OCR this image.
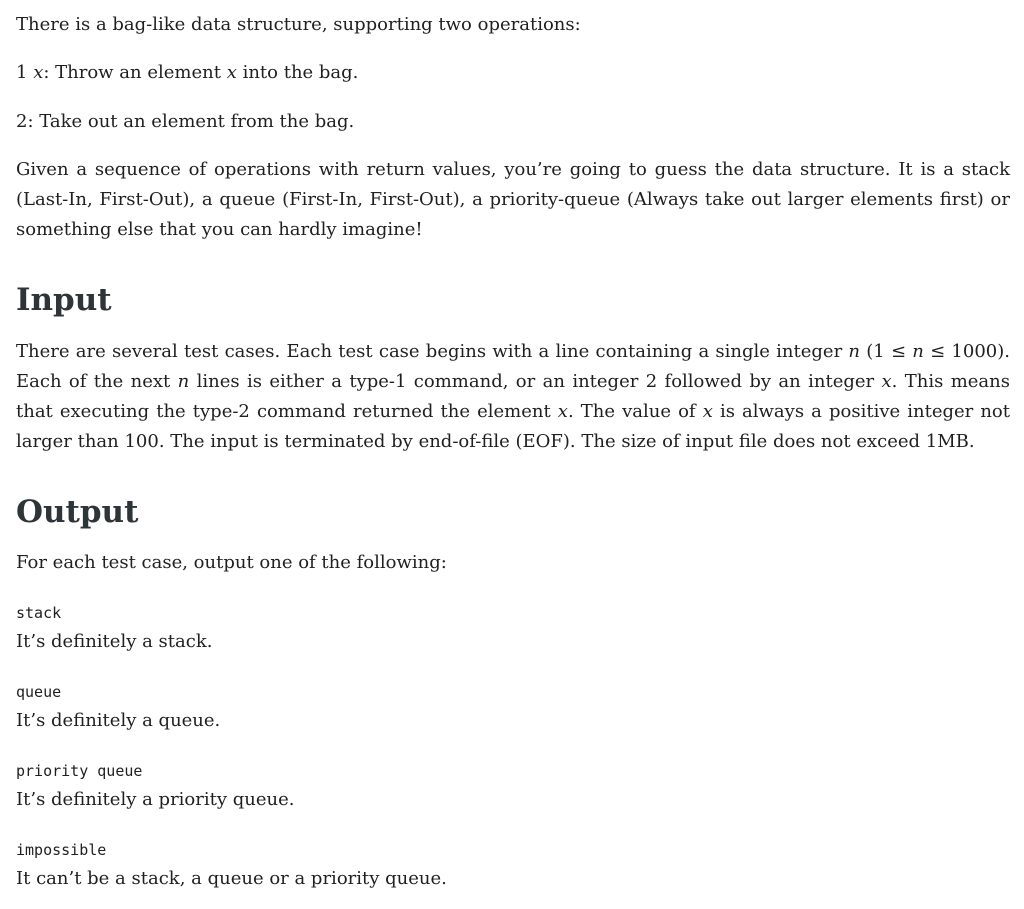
There is a bag-like data structure, supporting two operations:

1 x: Throw an element x into the bag.

2: Take out an element from the bag.

Given a sequence of operations with return values, you’re going to guess the data structure. It is a stack (Last-In, First-Out), a queue (First-In, First-Out), a priority-queue (Always take out larger elements first) or something else that you can hardly imagine!

Input

There are several test cases. Each test case begins with a line containing a single integer n (1 ≤ n ≤ 1000). Each of the next n lines is either a type-1 command, or an integer 2 followed by an integer x. This means that executing the type-2 command returned the element x. The value of x is always a positive integer not larger than 100. The input is terminated by end-of-file (EOF). The size of input file does not exceed 1MB.

Output

For each test case, output one of the following:

stack
It’s definitely a stack.
queue
It’s definitely a queue.
priority queue
It’s definitely a priority queue.
impossible
It can’t be a stack, a queue or a priority queue.
